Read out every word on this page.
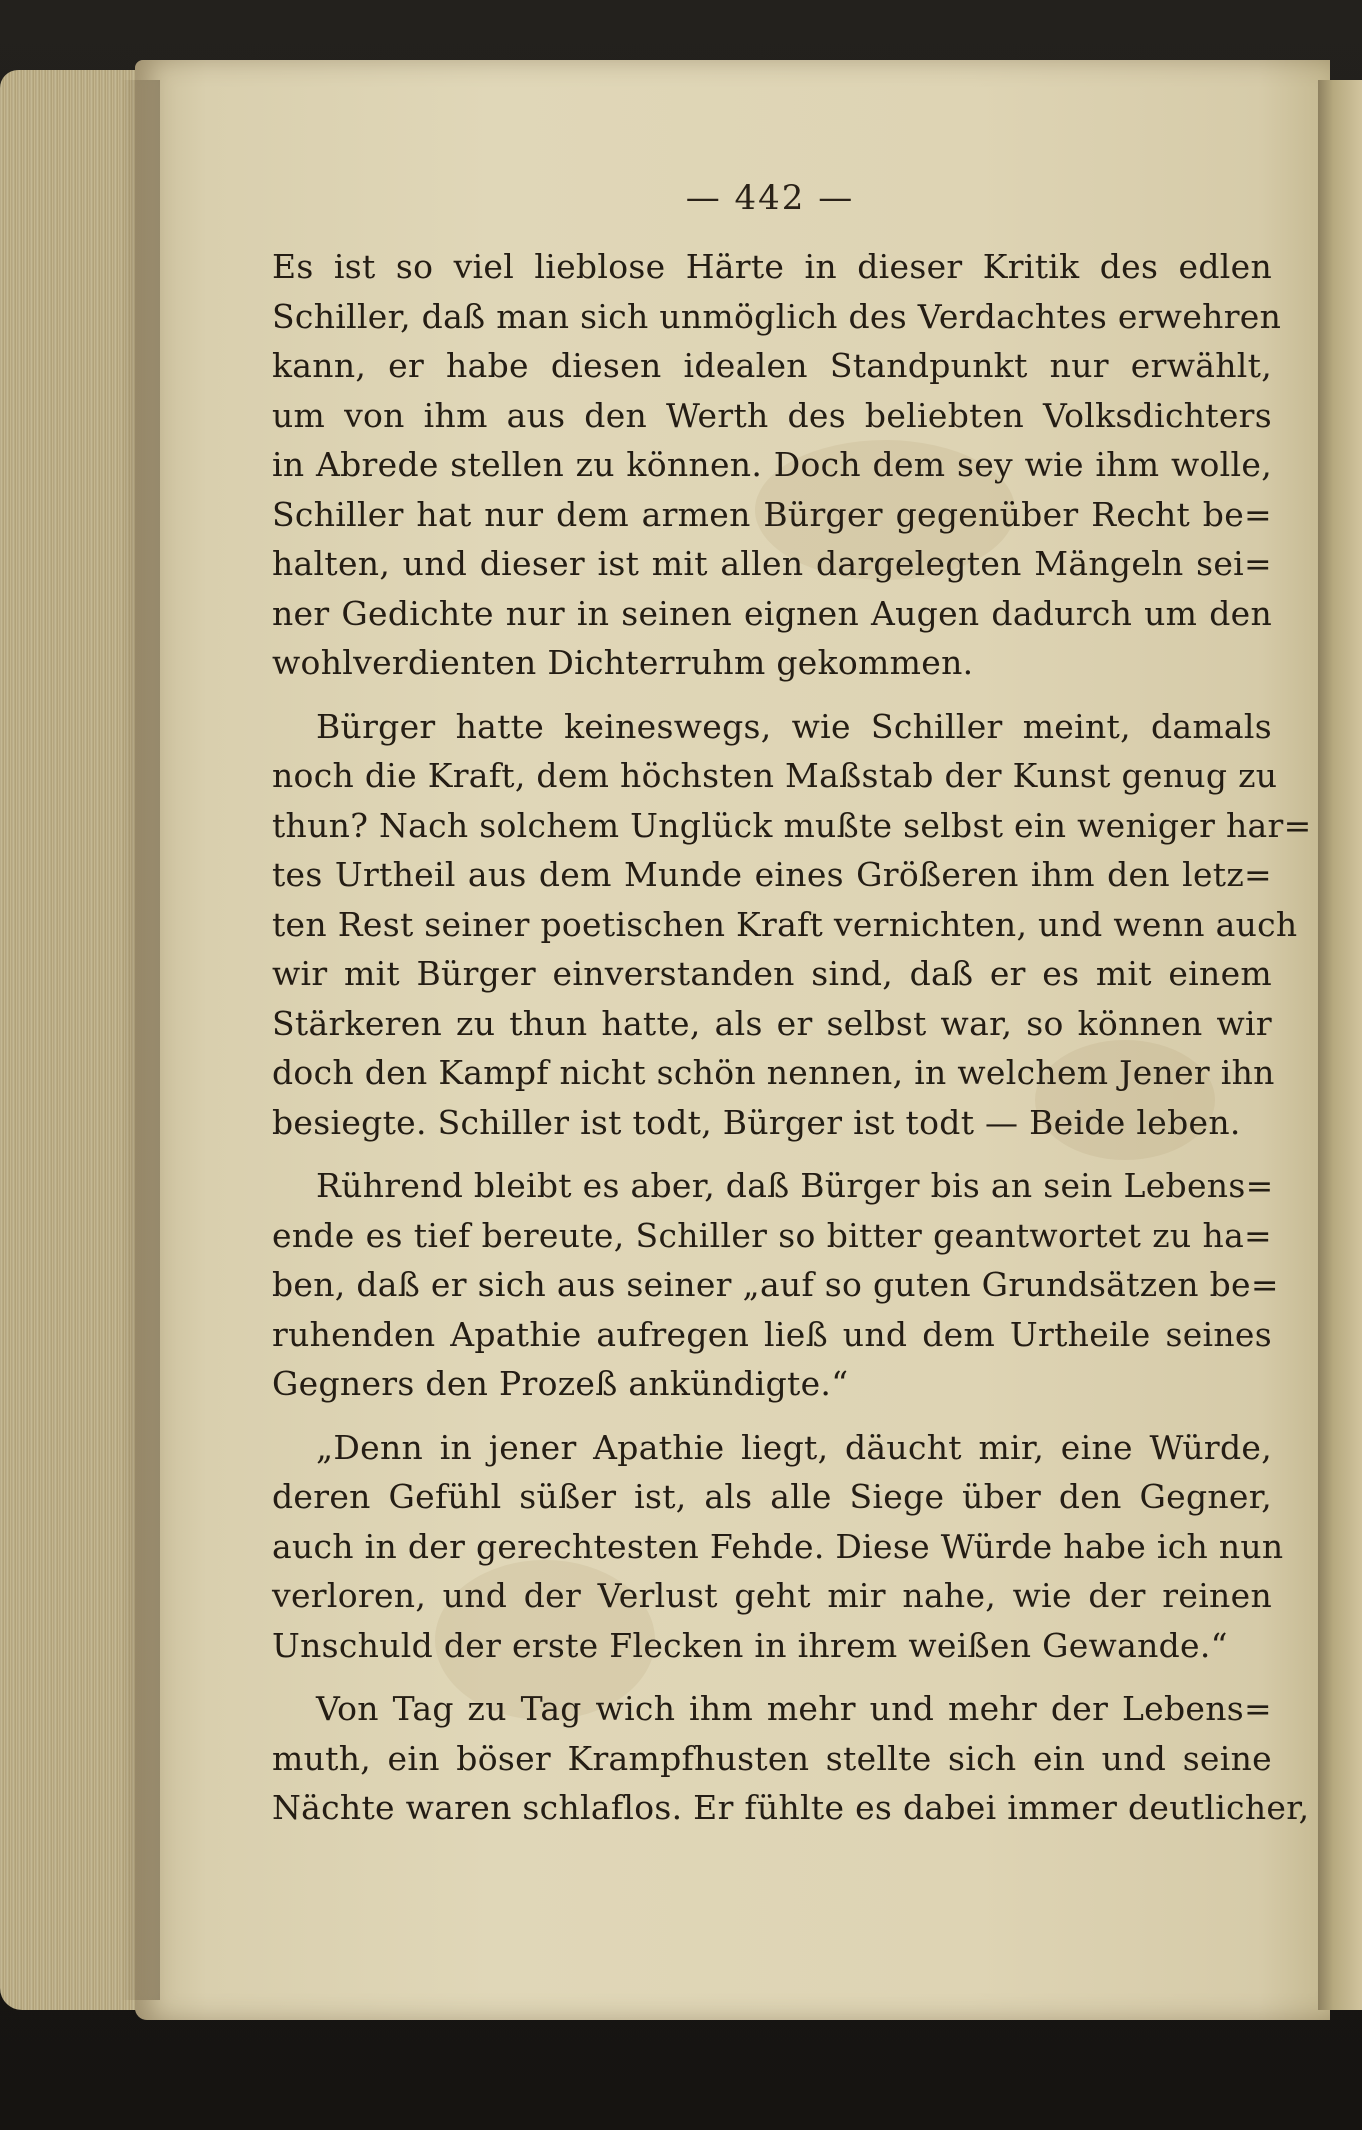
— 442 —
Es ist so viel lieblose Härte in dieser Kritik des edlen
Schiller, daß man sich unmöglich des Verdachtes erwehren
kann, er habe diesen idealen Standpunkt nur erwählt,
um von ihm aus den Werth des beliebten Volksdichters
in Abrede stellen zu können. Doch dem sey wie ihm wolle,
Schiller hat nur dem armen Bürger gegenüber Recht be=
halten, und dieser ist mit allen dargelegten Mängeln sei=
ner Gedichte nur in seinen eignen Augen dadurch um den
wohlverdienten Dichterruhm gekommen.
Bürger hatte keineswegs, wie Schiller meint, damals
noch die Kraft, dem höchsten Maßstab der Kunst genug zu
thun? Nach solchem Unglück mußte selbst ein weniger har=
tes Urtheil aus dem Munde eines Größeren ihm den letz=
ten Rest seiner poetischen Kraft vernichten, und wenn auch
wir mit Bürger einverstanden sind, daß er es mit einem
Stärkeren zu thun hatte, als er selbst war, so können wir
doch den Kampf nicht schön nennen, in welchem Jener ihn
besiegte. Schiller ist todt, Bürger ist todt — Beide leben.
Rührend bleibt es aber, daß Bürger bis an sein Lebens=
ende es tief bereute, Schiller so bitter geantwortet zu ha=
ben, daß er sich aus seiner „auf so guten Grundsätzen be=
ruhenden Apathie aufregen ließ und dem Urtheile seines
Gegners den Prozeß ankündigte.“
„Denn in jener Apathie liegt, däucht mir, eine Würde,
deren Gefühl süßer ist, als alle Siege über den Gegner,
auch in der gerechtesten Fehde. Diese Würde habe ich nun
verloren, und der Verlust geht mir nahe, wie der reinen
Unschuld der erste Flecken in ihrem weißen Gewande.“
Von Tag zu Tag wich ihm mehr und mehr der Lebens=
muth, ein böser Krampfhusten stellte sich ein und seine
Nächte waren schlaflos. Er fühlte es dabei immer deutlicher,
